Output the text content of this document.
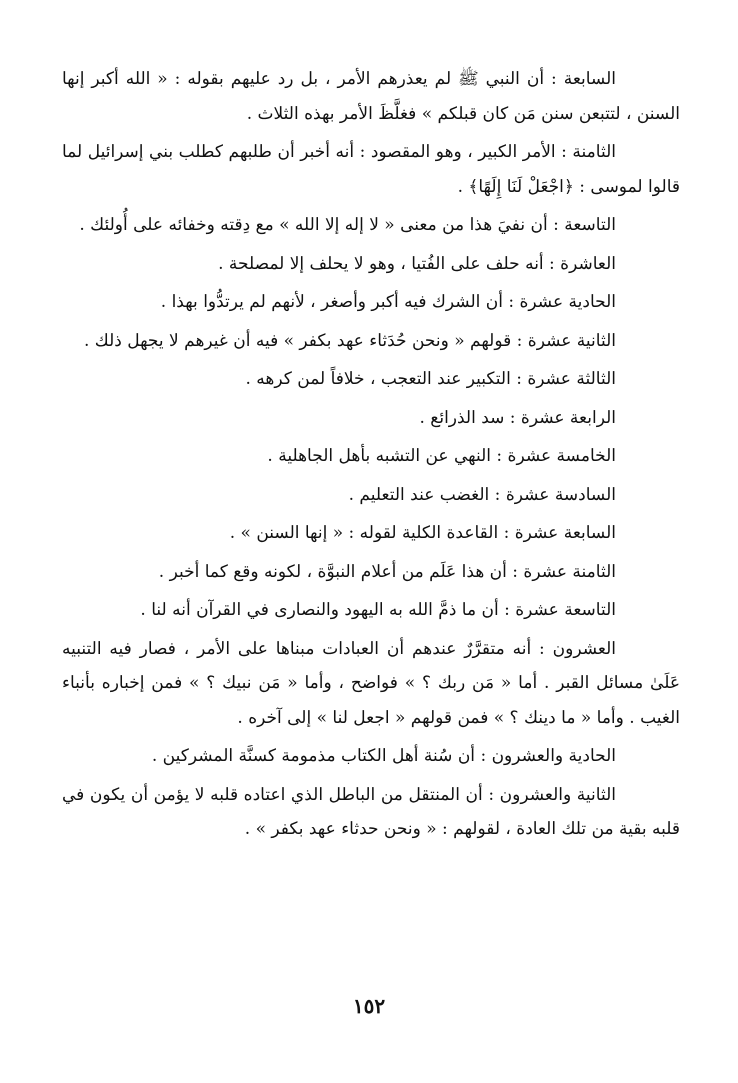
السابعة : أن النبي ﷺ لم يعذرهم الأمر ، بل رد عليهم بقوله : « الله أكبر إنها السنن ، لتتبعن سنن مَن كان قبلكم » فغلَّظَ الأمر بهذه الثلاث .

الثامنة : الأمر الكبير ، وهو المقصود : أنه أخبر أن طلبهم كطلب بني إسرائيل لما قالوا لموسى : ﴿اجْعَلْ لَنَا إِلَهًا﴾ .

التاسعة : أن نفيَ هذا من معنى « لا إله إلا الله » مع دِقته وخفائه على أُولئك .

العاشرة : أنه حلف على الفُتيا ، وهو لا يحلف إلا لمصلحة .

الحادية عشرة : أن الشرك فيه أكبر وأصغر ، لأنهم لم يرتدُّوا بهذا .

الثانية عشرة : قولهم « ونحن حُدَثاء عهد بكفر » فيه أن غيرهم لا يجهل ذلك .

الثالثة عشرة : التكبير عند التعجب ، خلافاً لمن كرهه .

الرابعة عشرة : سد الذرائع .

الخامسة عشرة : النهي عن التشبه بأهل الجاهلية .

السادسة عشرة : الغضب عند التعليم .

السابعة عشرة : القاعدة الكلية لقوله : « إنها السنن » .

الثامنة عشرة : أن هذا عَلَم من أعلام النبوَّة ، لكونه وقع كما أخبر .

التاسعة عشرة : أن ما ذمَّ الله به اليهود والنصارى في القرآن أنه لنا .

العشرون : أنه متقرَّرٌ عندهم أن العبادات مبناها على الأمر ، فصار فيه التنبيه عَلَىٰ مسائل القبر . أما « مَن ربك ؟ » فواضح ، وأما « مَن نبيك ؟ » فمن إخباره بأنباء الغيب . وأما « ما دينك ؟ » فمن قولهم « اجعل لنا » إلى آخره .

الحادية والعشرون : أن سُنة أهل الكتاب مذمومة كسنَّة المشركين .

الثانية والعشرون : أن المنتقل من الباطل الذي اعتاده قلبه لا يؤمن أن يكون في قلبه بقية من تلك العادة ، لقولهم : « ونحن حدثاء عهد بكفر » .

١٥٢
